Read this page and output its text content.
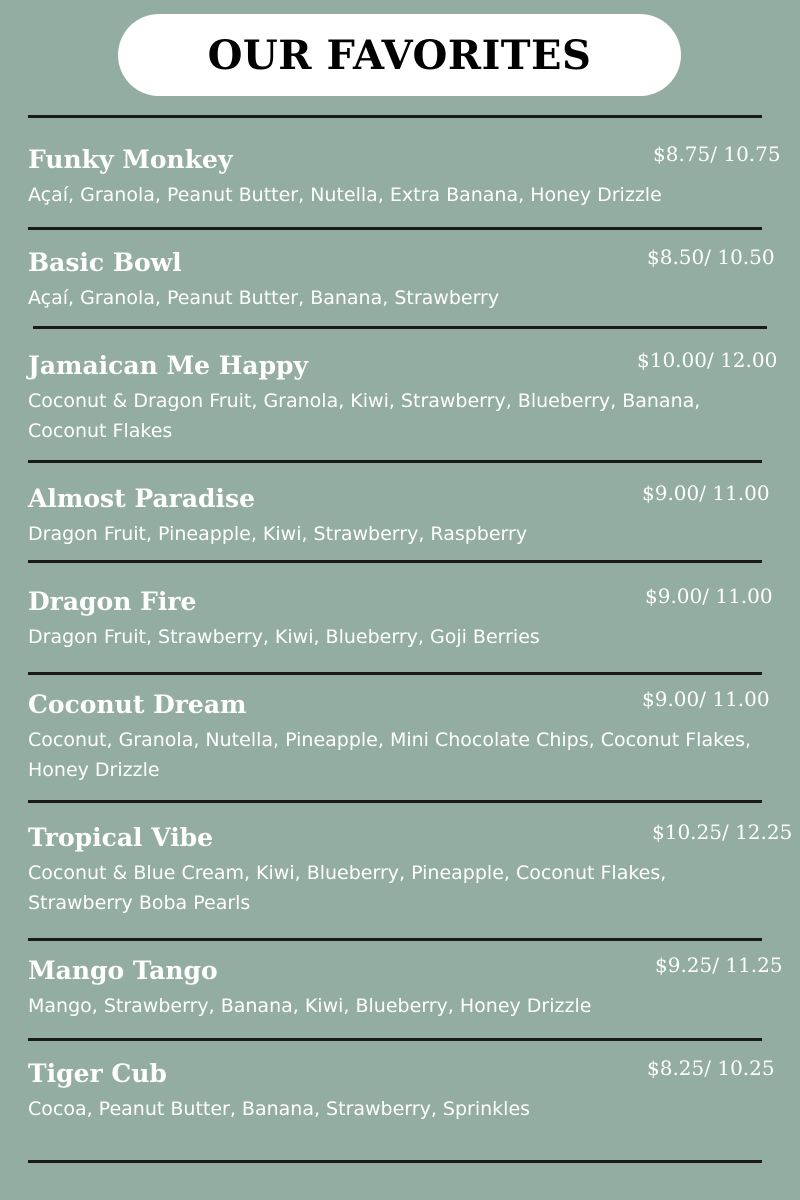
OUR FAVORITES
Funky Monkey	$8.75/ 10.75
Açaí, Granola, Peanut Butter, Nutella, Extra Banana, Honey Drizzle
Basic Bowl	$8.50/ 10.50
Açaí, Granola, Peanut Butter, Banana, Strawberry
Jamaican Me Happy	$10.00/ 12.00
Coconut & Dragon Fruit, Granola, Kiwi, Strawberry, Blueberry, Banana, Coconut Flakes
Almost Paradise	$9.00/ 11.00
Dragon Fruit, Pineapple, Kiwi, Strawberry, Raspberry
Dragon Fire	$9.00/ 11.00
Dragon Fruit, Strawberry, Kiwi, Blueberry, Goji Berries
Coconut Dream	$9.00/ 11.00
Coconut, Granola, Nutella, Pineapple, Mini Chocolate Chips, Coconut Flakes, Honey Drizzle
Tropical Vibe	$10.25/ 12.25
Coconut & Blue Cream, Kiwi, Blueberry, Pineapple, Coconut Flakes, Strawberry Boba Pearls
Mango Tango	$9.25/ 11.25
Mango, Strawberry, Banana, Kiwi, Blueberry, Honey Drizzle
Tiger Cub	$8.25/ 10.25
Cocoa, Peanut Butter, Banana, Strawberry, Sprinkles
